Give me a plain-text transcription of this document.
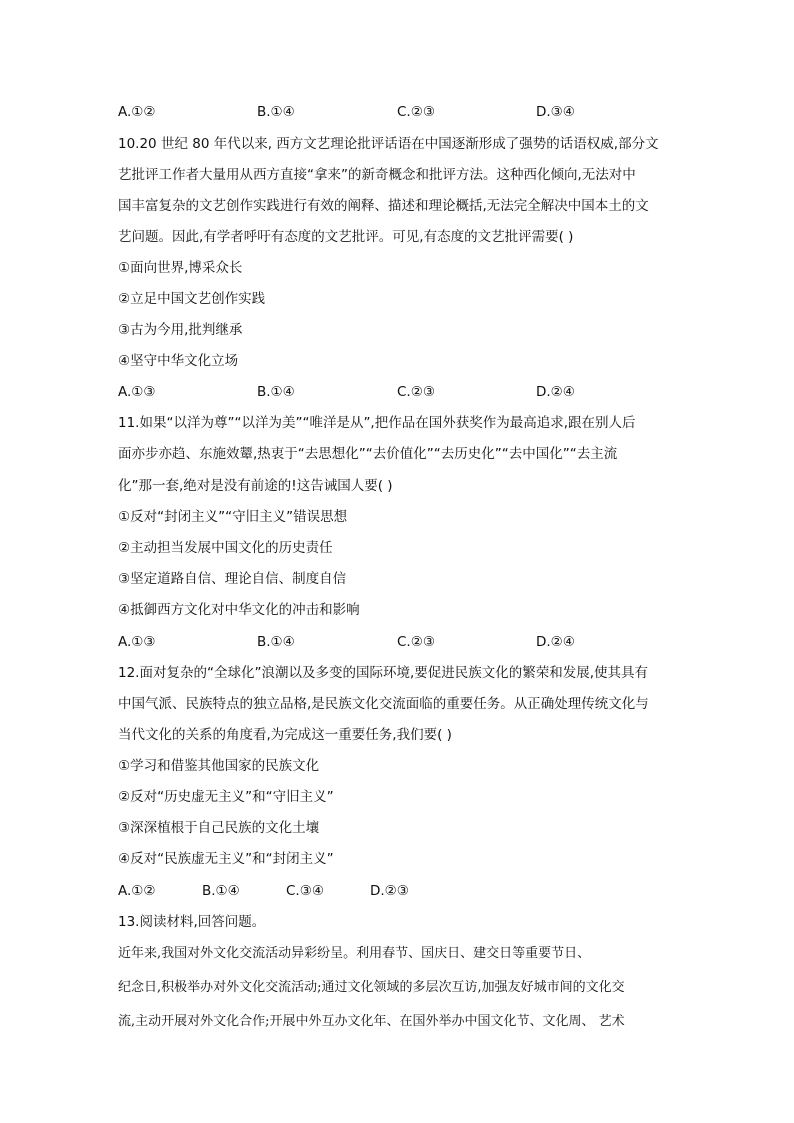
A.①②	B.①④	C.②③	D.③④
10.20 世纪 80 年代以来, 西方文艺理论批评话语在中国逐渐形成了强势的话语权威,部分文
艺批评工作者大量用从西方直接“拿来”的新奇概念和批评方法。这种西化倾向,无法对中
国丰富复杂的文艺创作实践进行有效的阐释、描述和理论概括,无法完全解决中国本土的文
艺问题。因此,有学者呼吁有态度的文艺批评。可见,有态度的文艺批评需要( )
①面向世界,博采众长
②立足中国文艺创作实践
③古为今用,批判继承
④坚守中华文化立场
A.①③	B.①④	C.②③	D.②④
11.如果“以洋为尊”“以洋为美”“唯洋是从”,把作品在国外获奖作为最高追求,跟在别人后
面亦步亦趋、东施效颦,热衷于“去思想化”“去价值化”“去历史化”“去中国化”“去主流
化”那一套,绝对是没有前途的!这告诫国人要( )
①反对“封闭主义”“守旧主义”错误思想
②主动担当发展中国文化的历史责任
③坚定道路自信、理论自信、制度自信
④抵御西方文化对中华文化的冲击和影响
A.①③	B.①④	C.②③	D.②④
12.面对复杂的“全球化”浪潮以及多变的国际环境,要促进民族文化的繁荣和发展,使其具有
中国气派、民族特点的独立品格,是民族文化交流面临的重要任务。从正确处理传统文化与
当代文化的关系的角度看,为完成这一重要任务,我们要( )
①学习和借鉴其他国家的民族文化
②反对“历史虚无主义”和“守旧主义”
③深深植根于自己民族的文化土壤
④反对“民族虚无主义”和“封闭主义”
A.①②	B.①④	C.③④	D.②③
13.阅读材料,回答问题。
近年来,我国对外文化交流活动异彩纷呈。利用春节、国庆日、建交日等重要节日、
纪念日,积极举办对外文化交流活动;通过文化领域的多层次互访,加强友好城市间的文化交
流,主动开展对外文化合作;开展中外互办文化年、在国外举办中国文化节、文化周、 艺术
